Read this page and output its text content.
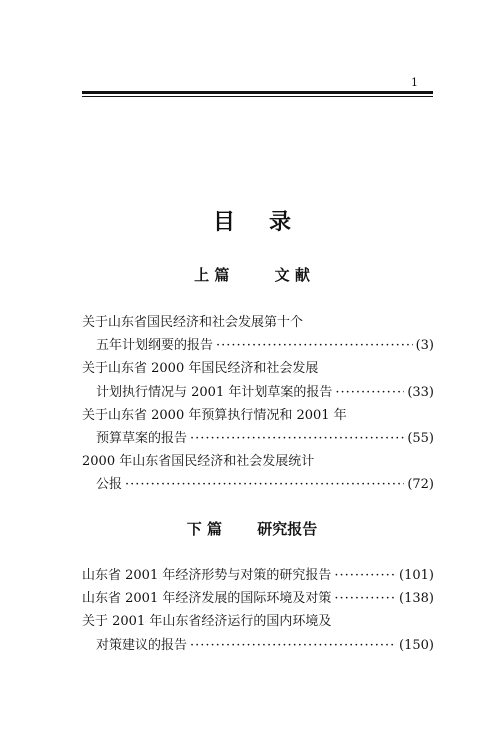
1
目录
上 篇	文 献
关于山东省国民经济和社会发展第十个
五年计划纲要的报告 ·····	(3)
关于山东省 2000 年国民经济和社会发展
计划执行情况与 2001 年计划草案的报告 ·····	(33)
关于山东省 2000 年预算执行情况和 2001 年
预算草案的报告 ·····	(55)
2000 年山东省国民经济和社会发展统计
公报 ·····	(72)
下 篇 研究报告
山东省 2001 年经济形势与对策的研究报告 ·····	(101)
山东省 2001 年经济发展的国际环境及对策 ·····	(138)
关于 2001 年山东省经济运行的国内环境及
对策建议的报告 ·····	(150)
